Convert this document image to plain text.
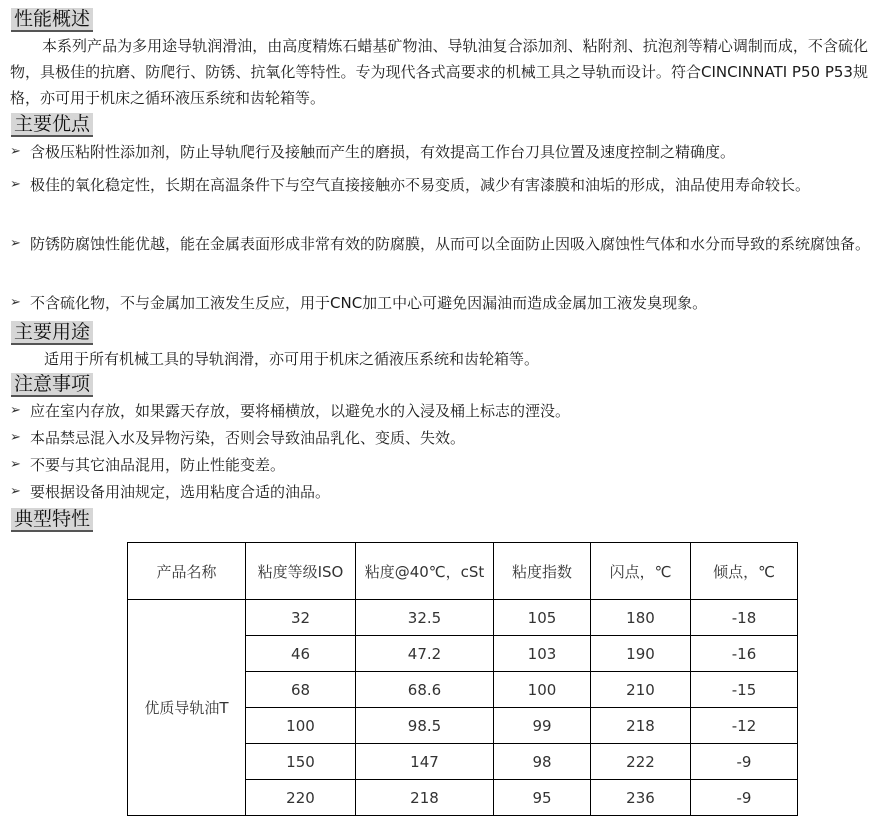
性能概述

本系列产品为多用途导轨润滑油，由高度精炼石蜡基矿物油、导轨油复合添加剂、粘附剂、抗泡剂等精心调制而成，不含硫化物，具极佳的抗磨、防爬行、防锈、抗氧化等特性。专为现代各式高要求的机械工具之导轨而设计。符合CINCINNATI P50 P53规格，亦可用于机床之循环液压系统和齿轮箱等。

主要优点

➢ 含极压粘附性添加剂，防止导轨爬行及接触而产生的磨损，有效提高工作台刀具位置及速度控制之精确度。

➢ 极佳的氧化稳定性，长期在高温条件下与空气直接接触亦不易变质，减少有害漆膜和油垢的形成，油品使用寿命较长。

➢ 防锈防腐蚀性能优越，能在金属表面形成非常有效的防腐膜，从而可以全面防止因吸入腐蚀性气体和水分而导致的系统腐蚀备。

➢ 不含硫化物，不与金属加工液发生反应，用于CNC加工中心可避免因漏油而造成金属加工液发臭现象。

主要用途

适用于所有机械工具的导轨润滑，亦可用于机床之循液压系统和齿轮箱等。

注意事项

➢ 应在室内存放，如果露天存放，要将桶横放，以避免水的入浸及桶上标志的湮没。

➢ 本品禁忌混入水及异物污染，否则会导致油品乳化、变质、失效。

➢ 不要与其它油品混用，防止性能变差。

➢ 要根据设备用油规定，选用粘度合适的油品。

典型特性
产品名称	粘度等级ISO	粘度@40℃，cSt	粘度指数	闪点，℃	倾点，℃
优质导轨油T	32	32.5	105	180	-18
	46	47.2	103	190	-16
	68	68.6	100	210	-15
	100	98.5	99	218	-12
	150	147	98	222	-9
	220	218	95	236	-9
